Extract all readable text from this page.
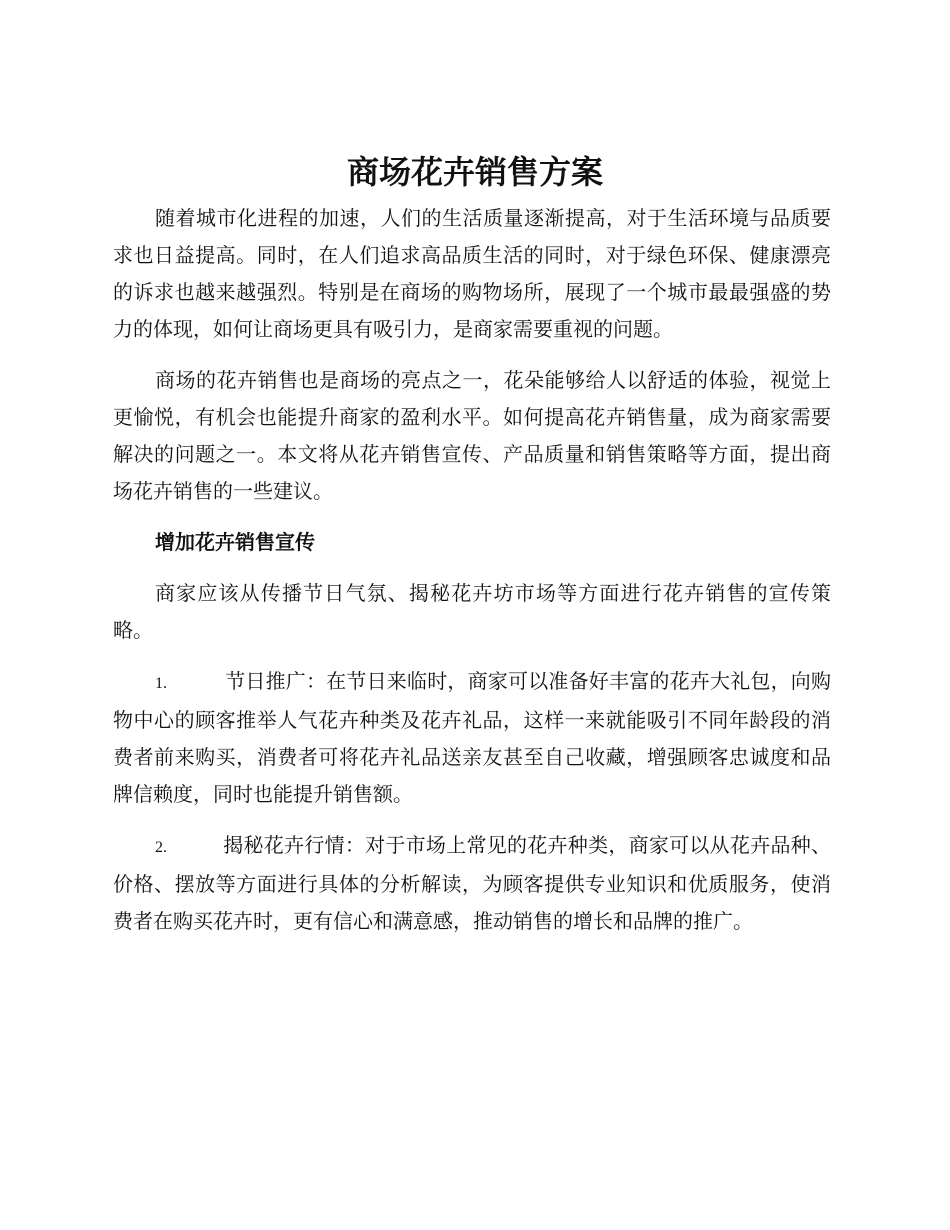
商场花卉销售方案

随着城市化进程的加速，人们的生活质量逐渐提高，对于生活环境与品质要求也日益提高。同时，在人们追求高品质生活的同时，对于绿色环保、健康漂亮的诉求也越来越强烈。特别是在商场的购物场所，展现了一个城市最最强盛的势力的体现，如何让商场更具有吸引力，是商家需要重视的问题。

商场的花卉销售也是商场的亮点之一，花朵能够给人以舒适的体验，视觉上更愉悦，有机会也能提升商家的盈利水平。如何提高花卉销售量，成为商家需要解决的问题之一。本文将从花卉销售宣传、产品质量和销售策略等方面，提出商场花卉销售的一些建议。

增加花卉销售宣传

商家应该从传播节日气氛、揭秘花卉坊市场等方面进行花卉销售的宣传策略。

1.	节日推广：在节日来临时，商家可以准备好丰富的花卉大礼包，向购物中心的顾客推举人气花卉种类及花卉礼品，这样一来就能吸引不同年龄段的消费者前来购买，消费者可将花卉礼品送亲友甚至自己收藏，增强顾客忠诚度和品牌信赖度，同时也能提升销售额。

2.	揭秘花卉行情：对于市场上常见的花卉种类，商家可以从花卉品种、价格、摆放等方面进行具体的分析解读，为顾客提供专业知识和优质服务，使消费者在购买花卉时，更有信心和满意感，推动销售的增长和品牌的推广。
